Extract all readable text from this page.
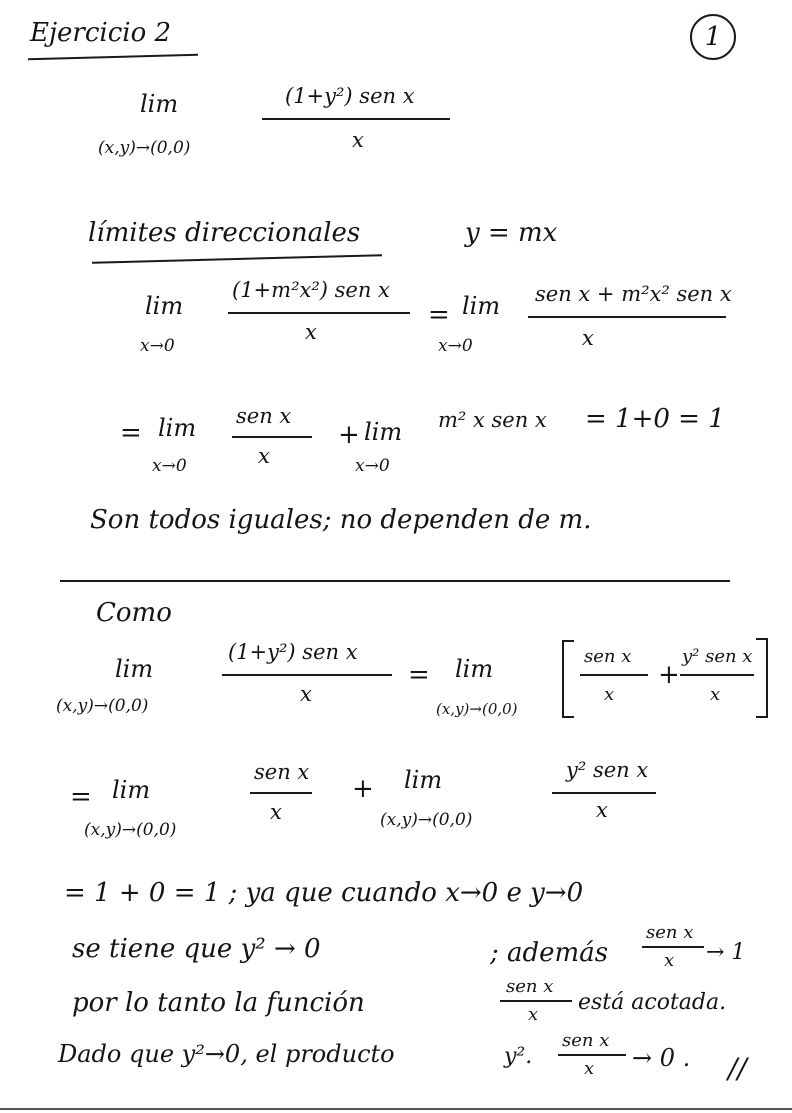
Ejercicio 2	1
lim
(x,y)→(0,0)
(1+y²) sen x
x
límites direccionales	y = mx
lim
x→0
(1+m²x²) sen x
x
= lim
x→0
sen x + m²x² sen x
x
= lim
x→0
sen x
x
+ lim
x→0
m² x sen x = 1+0 = 1
Son todos iguales; no dependen de m.
Como
lim
(x,y)→(0,0)
(1+y²) sen x
x
= lim
(x,y)→(0,0)
sen x
x
+
y² sen x
x
= lim
(x,y)→(0,0)
sen x
x
+ lim
(x,y)→(0,0)
y² sen x
x
= 1 + 0 = 1 ; ya que cuando x→0 e y→0
se tiene que y² → 0	; además
sen x
x → 1
por lo tanto la función
sen x
x está acotada.
Dado que y²→0, el producto	y².
sen x
x → 0 . //
